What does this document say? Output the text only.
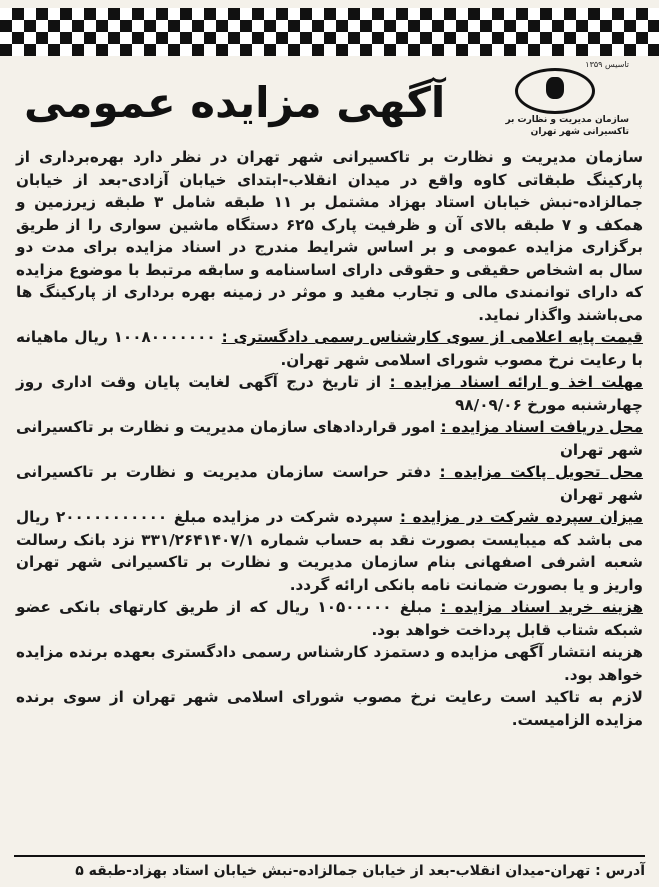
آگهی مزایده عمومی
تاسیس ۱۳۵۹
سازمان مدیریت و نظارت بر تاکسیرانی شهر تهران

سازمان مدیریت و نظارت بر تاکسیرانی شهر تهران در نظر دارد بهره‌برداری از پارکینگ طبقاتی کاوه واقع در میدان انقلاب-ابتدای خیابان آزادی-بعد از خیابان جمالزاده-نبش خیابان استاد بهزاد مشتمل بر ۱۱ طبقه شامل ۳ طبقه زیرزمین و همکف و ۷ طبقه بالای آن و ظرفیت پارک ۶۲۵ دستگاه ماشین سواری را از طریق برگزاری مزایده عمومی و بر اساس شرایط مندرج در اسناد مزایده برای مدت دو سال به اشخاص حقیقی و حقوقی دارای اساسنامه و سابقه مرتبط با موضوع مزایده که دارای توانمندی مالی و تجارب مفید و موثر در زمینه بهره برداری از پارکینگ ها می‌باشند واگذار نماید.

قیمت پایه اعلامی از سوی کارشناس رسمی دادگستری : ۱۰۰۸۰۰۰۰۰۰۰ ریال ماهیانه با رعایت نرخ مصوب شورای اسلامی شهر تهران.

مهلت اخذ و ارائه اسناد مزایده : از تاریخ درج آگهی لغایت پایان وقت اداری روز چهارشنبه مورخ ۹۸/۰۹/۰۶

محل دریافت اسناد مزایده : امور قراردادهای سازمان مدیریت و نظارت بر تاکسیرانی شهر تهران

محل تحویل پاکت مزایده : دفتر حراست سازمان مدیریت و نظارت بر تاکسیرانی شهر تهران

میزان سپرده شرکت در مزایده : سپرده شرکت در مزایده مبلغ ۲۰۰۰۰۰۰۰۰۰۰۰ ریال می باشد که میبایست بصورت نقد به حساب شماره ۳۳۱/۲۶۴۱۴۰۷/۱ نزد بانک رسالت شعبه اشرفی اصفهانی بنام سازمان مدیریت و نظارت بر تاکسیرانی شهر تهران واریز و یا بصورت ضمانت نامه بانکی ارائه گردد.

هزینه خرید اسناد مزایده : مبلغ ۱۰۵۰۰۰۰۰ ریال که از طریق کارتهای بانکی عضو شبکه شتاب قابل پرداخت خواهد بود.

هزینه انتشار آگهی مزایده و دستمزد کارشناس رسمی دادگستری بعهده برنده مزایده خواهد بود.

لازم به تاکید است رعایت نرخ مصوب شورای اسلامی شهر تهران از سوی برنده مزایده الزامیست.

آدرس : تهران-میدان انقلاب-بعد از خیابان جمالزاده-نبش خیابان استاد بهزاد-طبقه ۵
